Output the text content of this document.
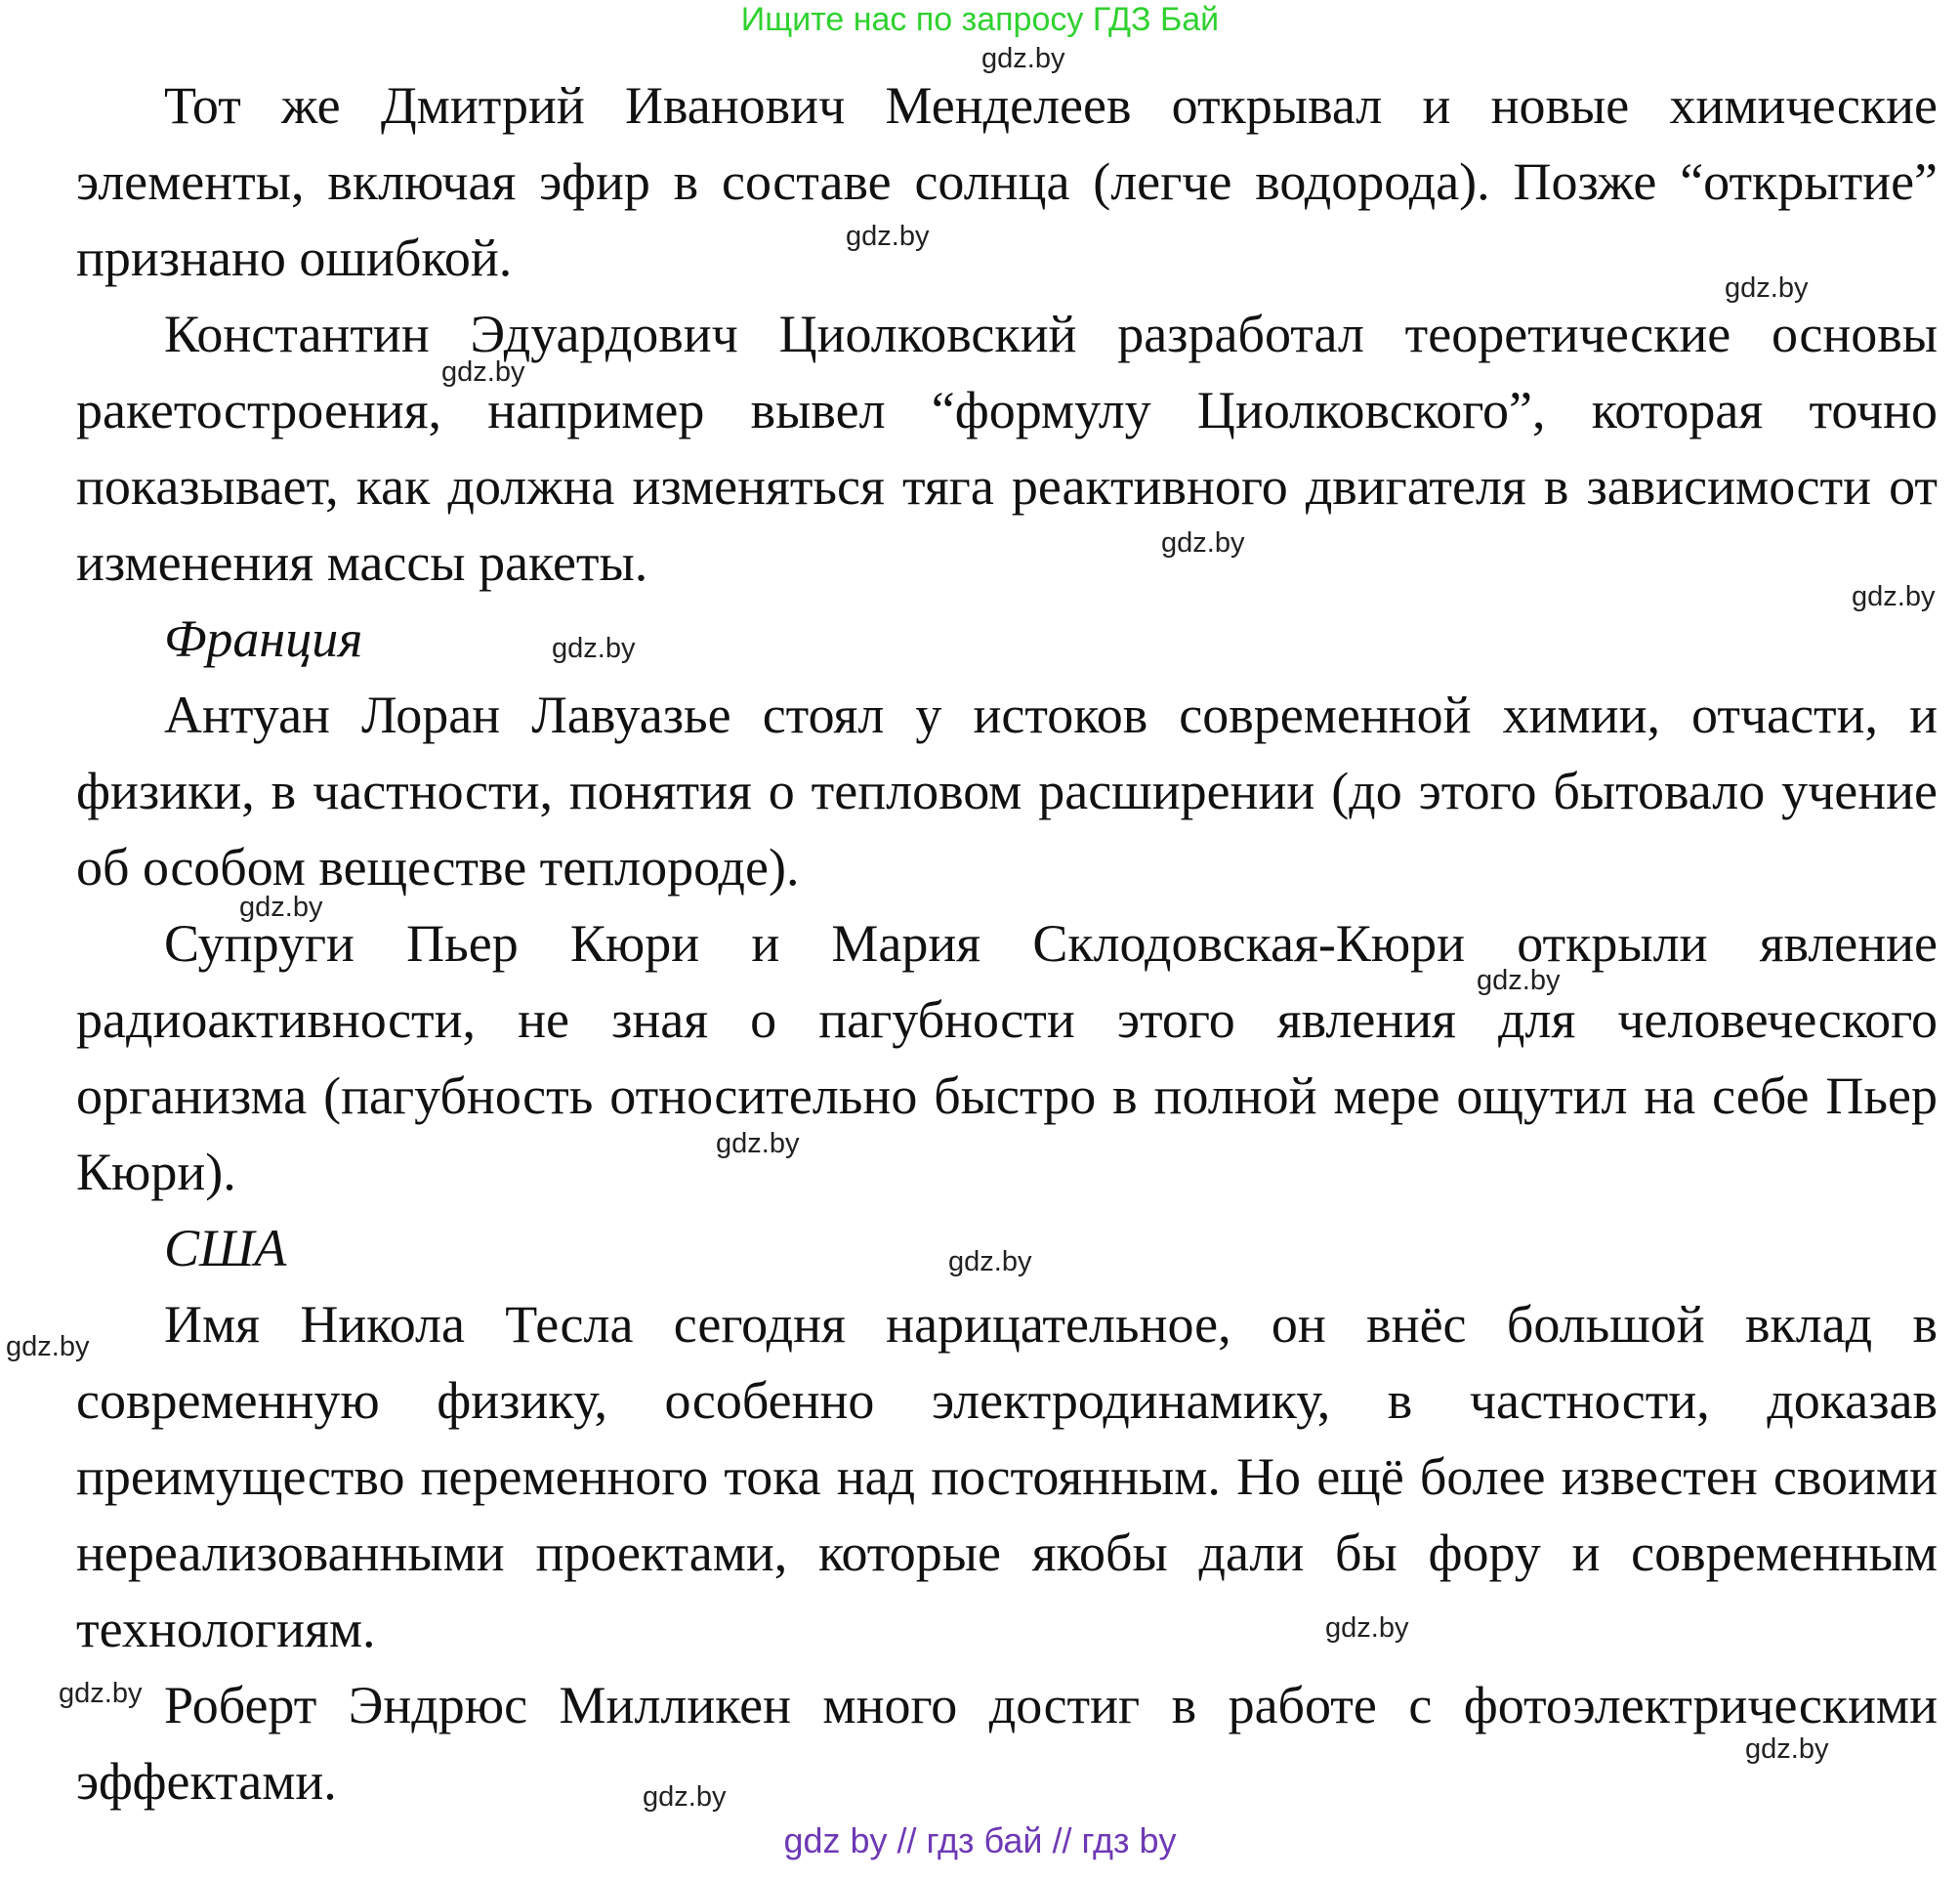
Ищите нас по запросу ГДЗ Бай

Тот же Дмитрий Иванович Менделеев открывал и новые химические элементы, включая эфир в составе солнца (легче водорода). Позже “открытие” признано ошибкой.

Константин Эдуардович Циолковский разработал теоретические основы ракетостроения, например вывел “формулу Циолковского”, которая точно показывает, как должна изменяться тяга реактивного двигателя в зависимости от изменения массы ракеты.

Франция

Антуан Лоран Лавуазье стоял у истоков современной химии, отчасти, и физики, в частности, понятия о тепловом расширении (до этого бытовало учение об особом веществе теплороде).

Супруги Пьер Кюри и Мария Склодовская-Кюри открыли явление радиоактивности, не зная о пагубности этого явления для человеческого организма (пагубность относительно быстро в полной мере ощутил на себе Пьер Кюри).

США

Имя Никола Тесла сегодня нарицательное, он внёс большой вклад в современную физику, особенно электродинамику, в частности, доказав преимущество переменного тока над постоянным. Но ещё более известен своими нереализованными проектами, которые якобы дали бы фору и современным технологиям.

Роберт Эндрюс Милликен много достиг в работе с фотоэлектрическими эффектами.

gdz.by
gdz.by
gdz.by
gdz.by
gdz.by
gdz.by
gdz.by
gdz.by
gdz.by
gdz.by
gdz.by
gdz.by
gdz.by
gdz.by
gdz.by
gdz.by
gdz by // гдз бай // гдз by
